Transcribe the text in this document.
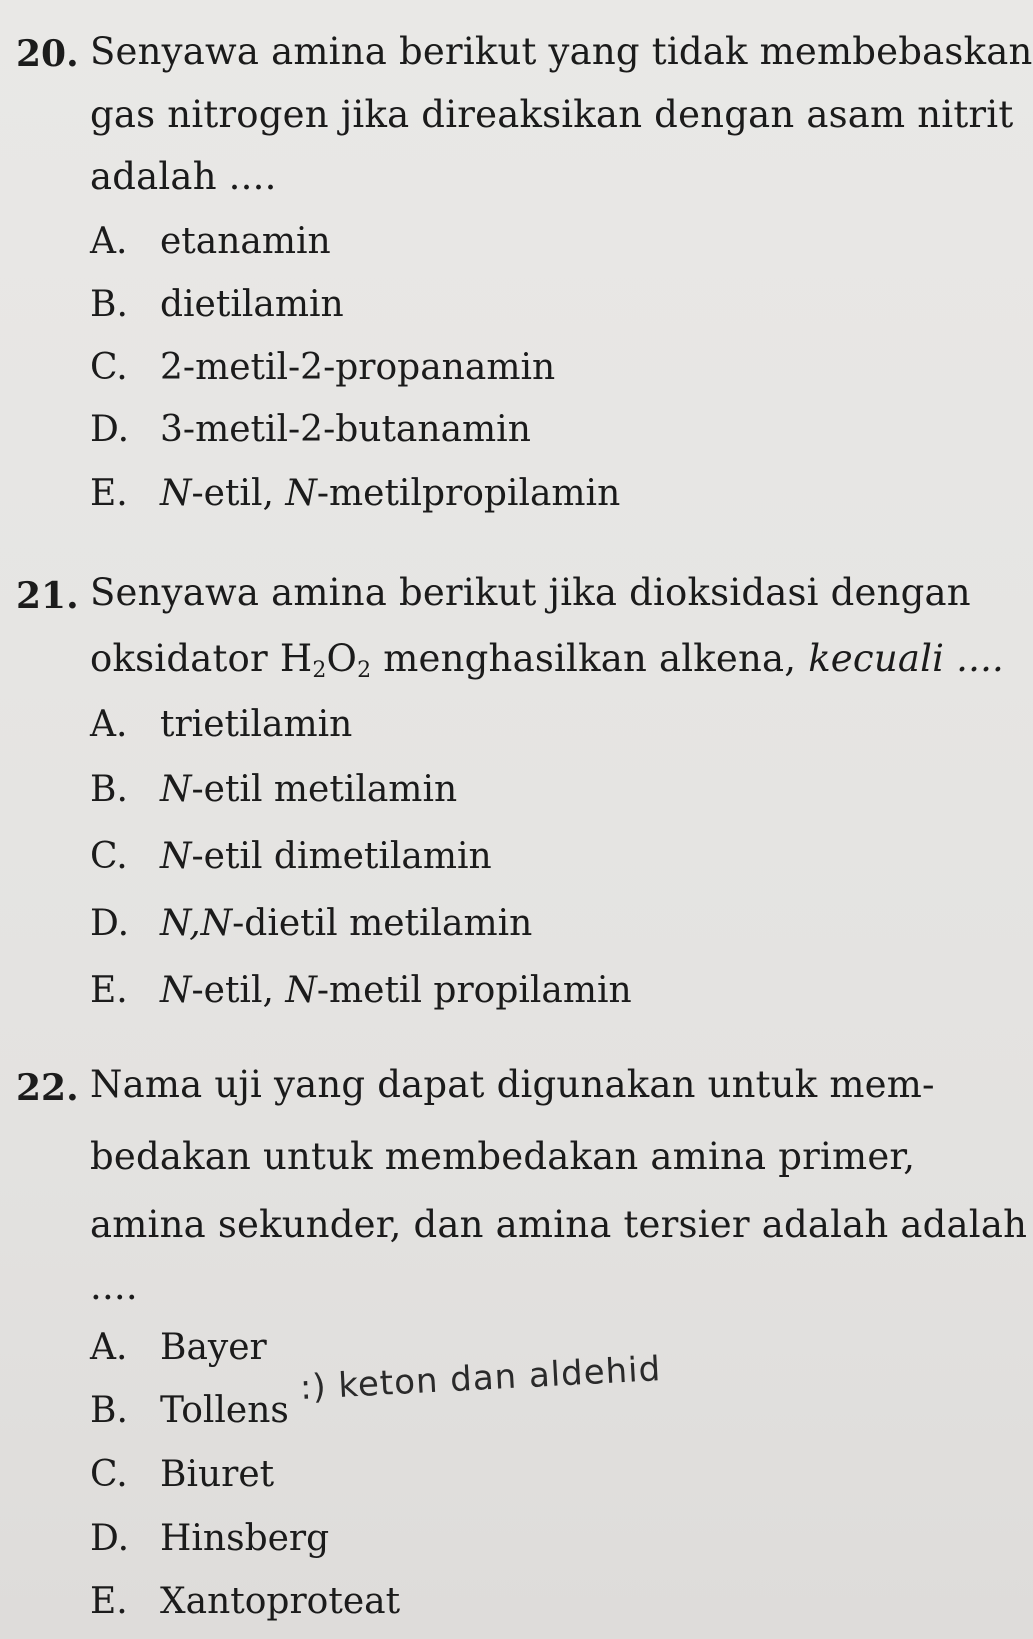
20. Senyawa amina berikut yang tidak membebaskan
gas nitrogen jika direaksikan dengan asam nitrit
adalah ....
A. etanamin
B. dietilamin
C. 2-metil-2-propanamin
D. 3-metil-2-butanamin
E. N-etil, N-metilpropilamin
21. Senyawa amina berikut jika dioksidasi dengan
oksidator $H_2O_2$ menghasilkan alkena, kecuali ....
A. trietilamin
B. N-etil metilamin
C. N-etil dimetilamin
D. N,N-dietil metilamin
E. N-etil, N-metil propilamin
22. Nama uji yang dapat digunakan untuk mem-
bedakan untuk membedakan amina primer,
amina sekunder, dan amina tersier adalah adalah
....
A. Bayer
B. Tollens
C. Biuret
D. Hinsberg
E. Xantoproteat
:) keton dan aldehid
